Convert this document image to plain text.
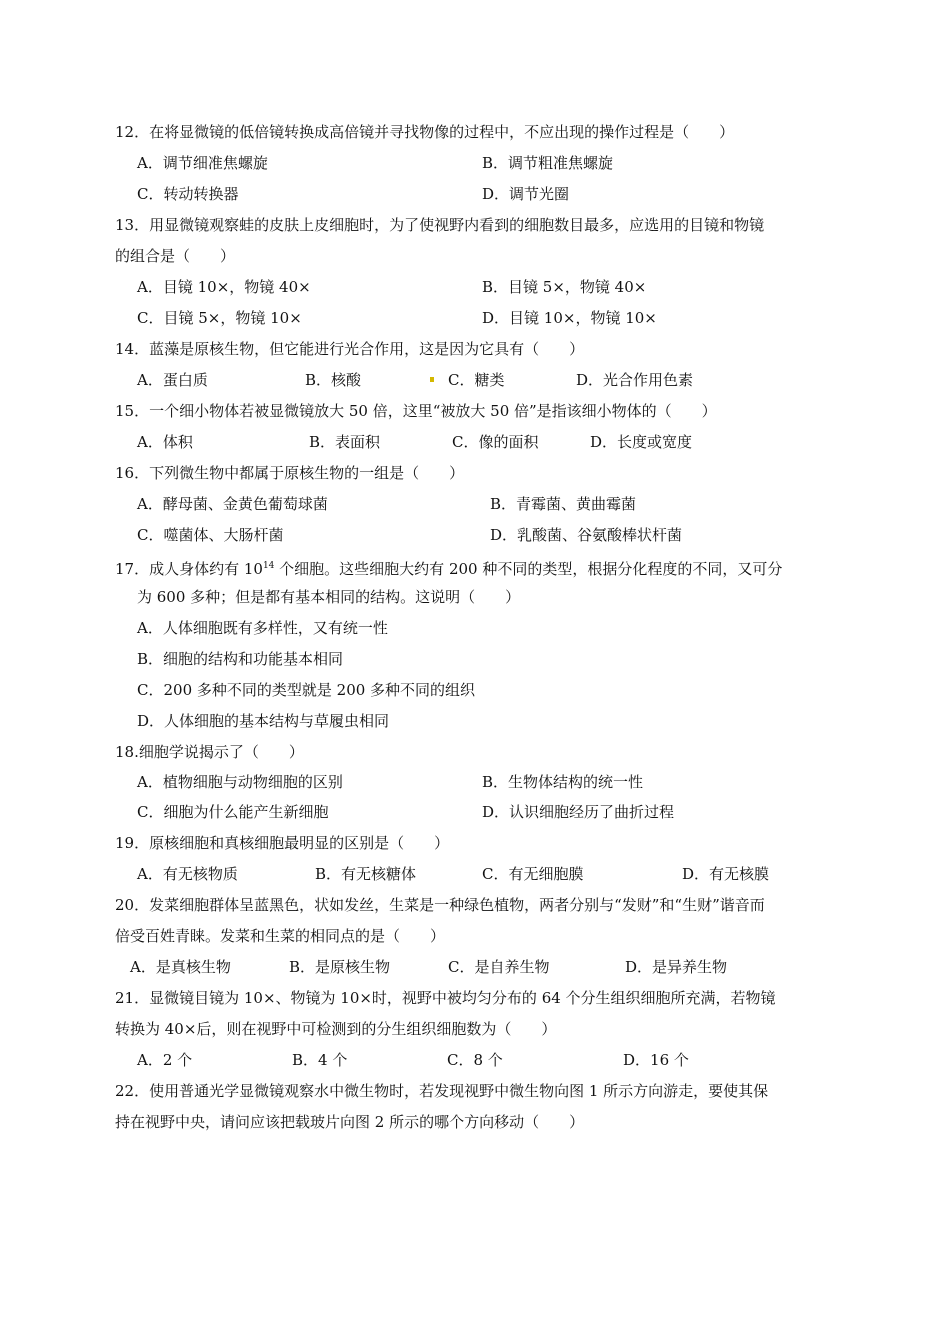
12．在将显微镜的低倍镜转换成高倍镜并寻找物像的过程中，不应出现的操作过程是（　　）
A．调节细准焦螺旋	B．调节粗准焦螺旋
C．转动转换器	D．调节光圈
13．用显微镜观察蛙的皮肤上皮细胞时，为了使视野内看到的细胞数目最多，应选用的目镜和物镜
的组合是（　　）
A．目镜 10×，物镜 40×	B．目镜 5×，物镜 40×
C．目镜 5×，物镜 10×	D．目镜 10×，物镜 10×
14．蓝藻是原核生物，但它能进行光合作用，这是因为它具有（　　）
A．蛋白质	B．核酸	C．糖类	D．光合作用色素
15．一个细小物体若被显微镜放大 50 倍，这里“被放大 50 倍”是指该细小物体的（　　）
A．体积	B．表面积	C．像的面积	D．长度或宽度
16．下列微生物中都属于原核生物的一组是（　　）
A．酵母菌、金黄色葡萄球菌	B．青霉菌、黄曲霉菌
C．噬菌体、大肠杆菌	D．乳酸菌、谷氨酸棒状杆菌
17．成人身体约有 $10^{14}$ 个细胞。这些细胞大约有 200 种不同的类型，根据分化程度的不同，又可分
为 600 多种；但是都有基本相同的结构。这说明（　　）
A．人体细胞既有多样性，又有统一性
B．细胞的结构和功能基本相同
C．200 多种不同的类型就是 200 多种不同的组织
D．人体细胞的基本结构与草履虫相同
18.细胞学说揭示了（　　）
A．植物细胞与动物细胞的区别	B．生物体结构的统一性
C．细胞为什么能产生新细胞	D．认识细胞经历了曲折过程
19．原核细胞和真核细胞最明显的区别是（　　）
A．有无核物质	B．有无核糖体	C．有无细胞膜	D．有无核膜
20．发菜细胞群体呈蓝黑色，状如发丝，生菜是一种绿色植物，两者分别与“发财”和“生财”谐音而
倍受百姓青睐。发菜和生菜的相同点的是（　　）
A．是真核生物	B．是原核生物	C．是自养生物	D．是异养生物
21．显微镜目镜为 10×、物镜为 10×时，视野中被均匀分布的 64 个分生组织细胞所充满，若物镜
转换为 40×后，则在视野中可检测到的分生组织细胞数为（　　）
A．2 个	B．4 个	C．8 个	D．16 个
22．使用普通光学显微镜观察水中微生物时，若发现视野中微生物向图 1 所示方向游走，要使其保
持在视野中央，请问应该把载玻片向图 2 所示的哪个方向移动（　　）
